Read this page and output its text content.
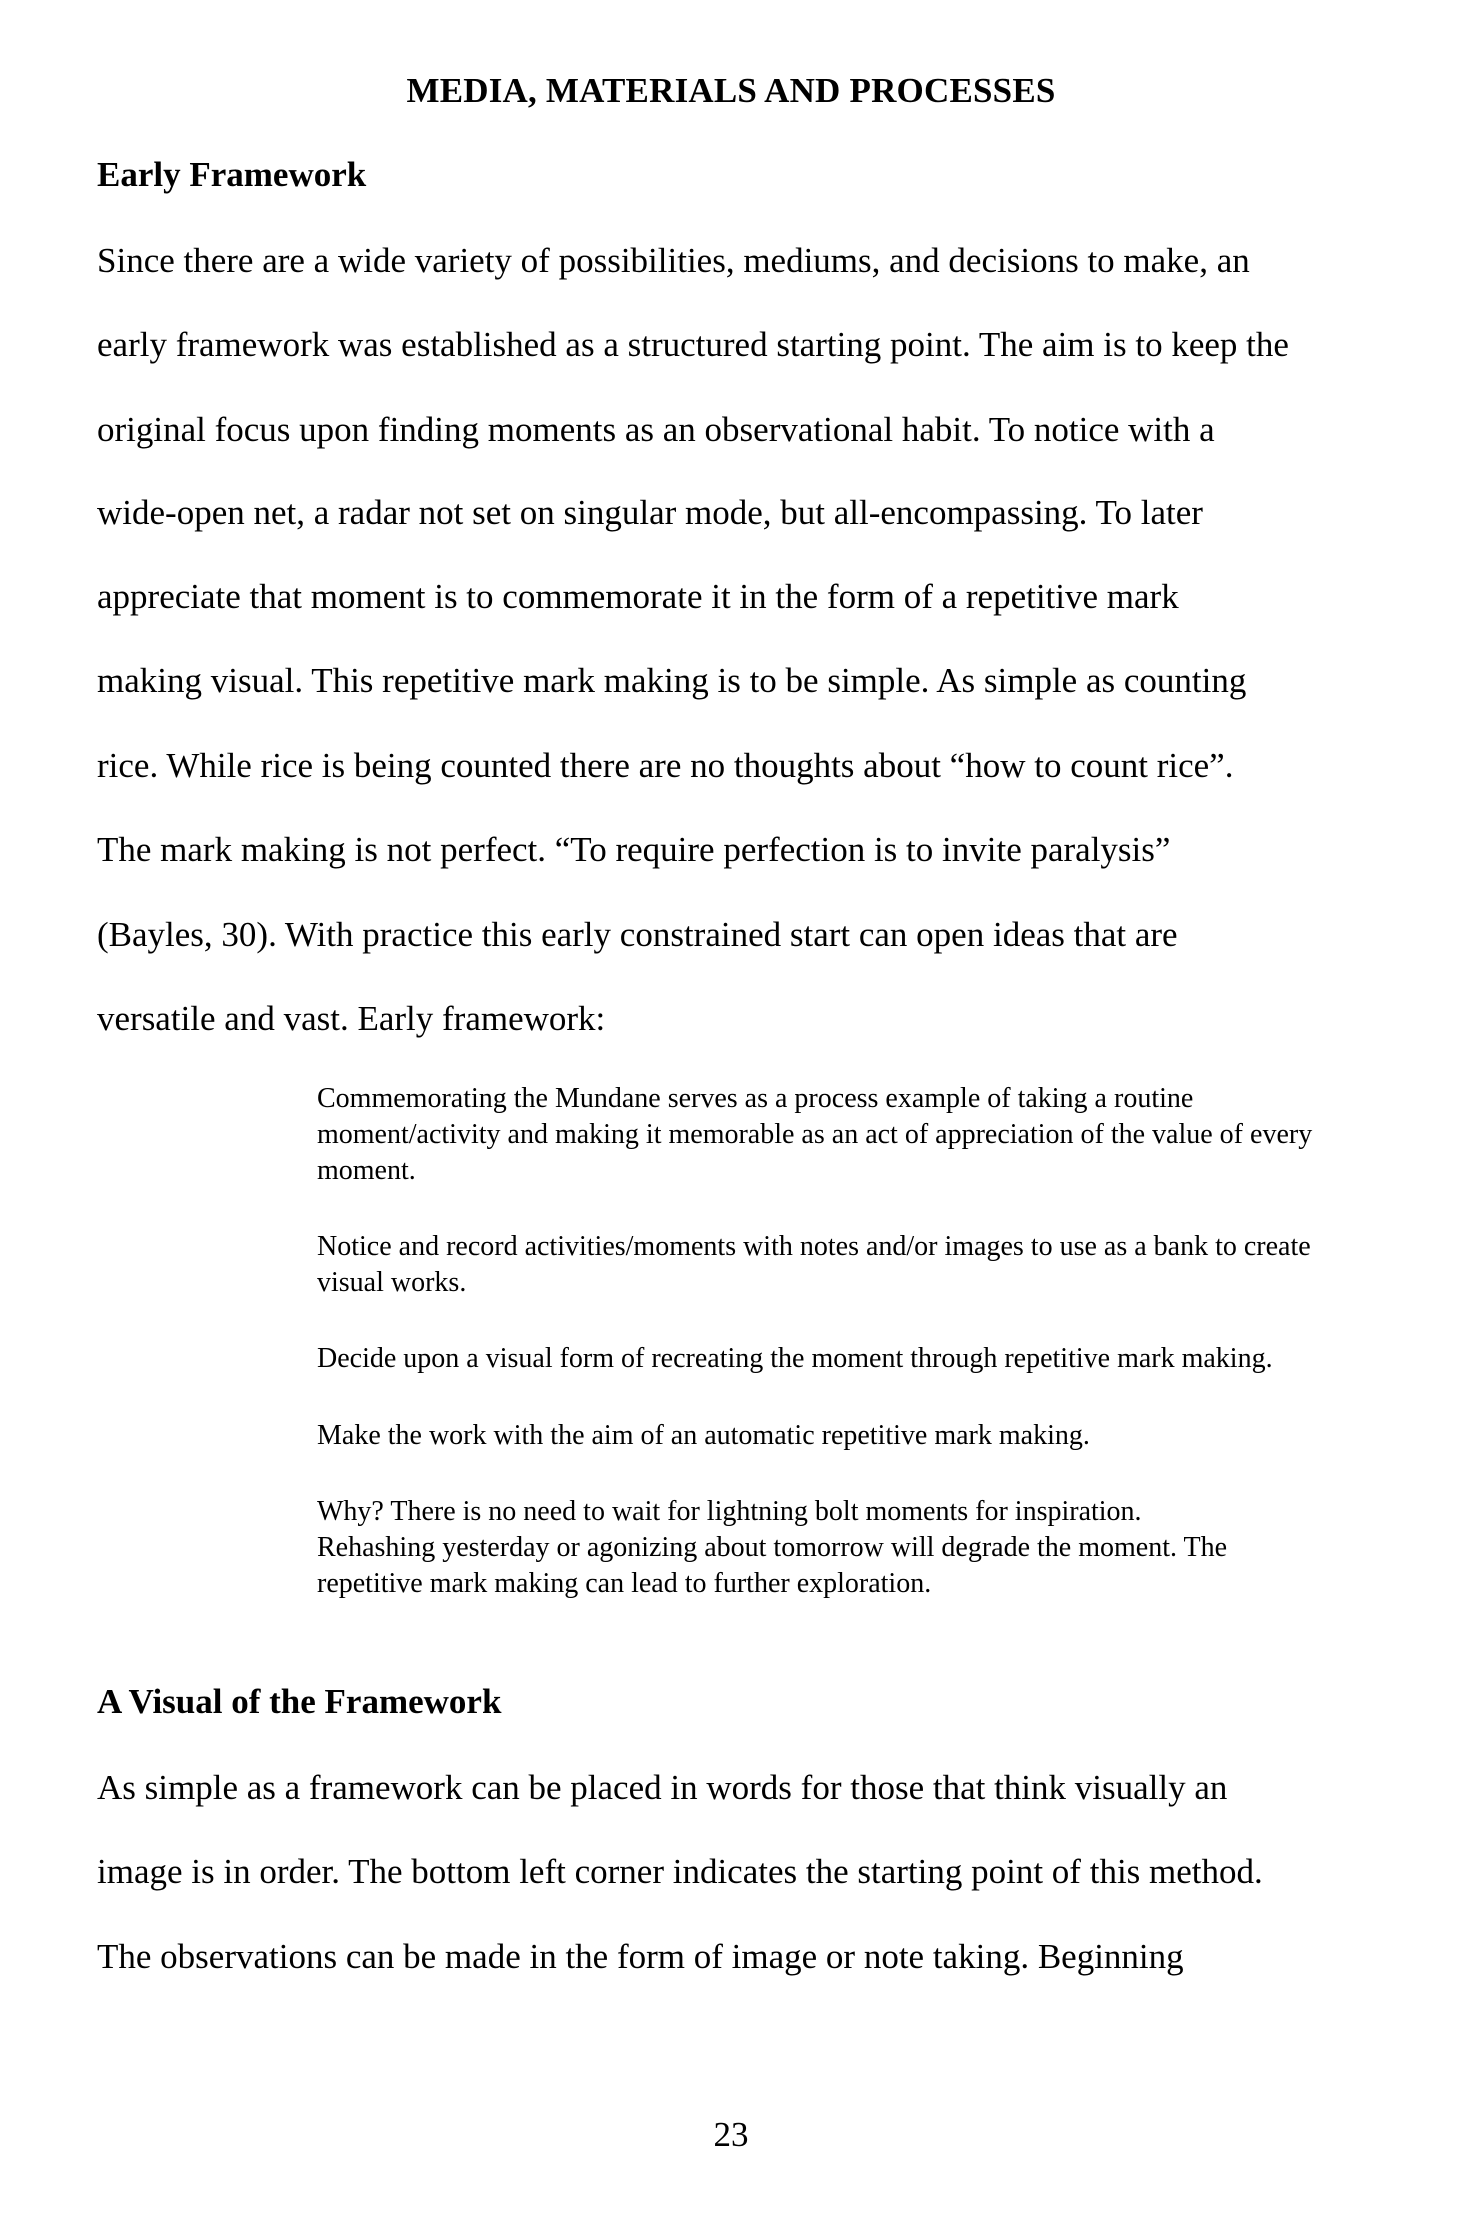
MEDIA, MATERIALS AND PROCESSES
Early Framework
Since there are a wide variety of possibilities, mediums, and decisions to make, an
early framework was established as a structured starting point. The aim is to keep the
original focus upon finding moments as an observational habit. To notice with a
wide-open net, a radar not set on singular mode, but all-encompassing. To later
appreciate that moment is to commemorate it in the form of a repetitive mark
making visual. This repetitive mark making is to be simple. As simple as counting
rice. While rice is being counted there are no thoughts about “how to count rice”.
The mark making is not perfect. “To require perfection is to invite paralysis”
(Bayles, 30). With practice this early constrained start can open ideas that are
versatile and vast. Early framework:
Commemorating the Mundane serves as a process example of taking a routine
moment/activity and making it memorable as an act of appreciation of the value of every
moment.
Notice and record activities/moments with notes and/or images to use as a bank to create
visual works.
Decide upon a visual form of recreating the moment through repetitive mark making.
Make the work with the aim of an automatic repetitive mark making.
Why? There is no need to wait for lightning bolt moments for inspiration.
Rehashing yesterday or agonizing about tomorrow will degrade the moment. The
repetitive mark making can lead to further exploration.
A Visual of the Framework
As simple as a framework can be placed in words for those that think visually an
image is in order. The bottom left corner indicates the starting point of this method.
The observations can be made in the form of image or note taking. Beginning
23
